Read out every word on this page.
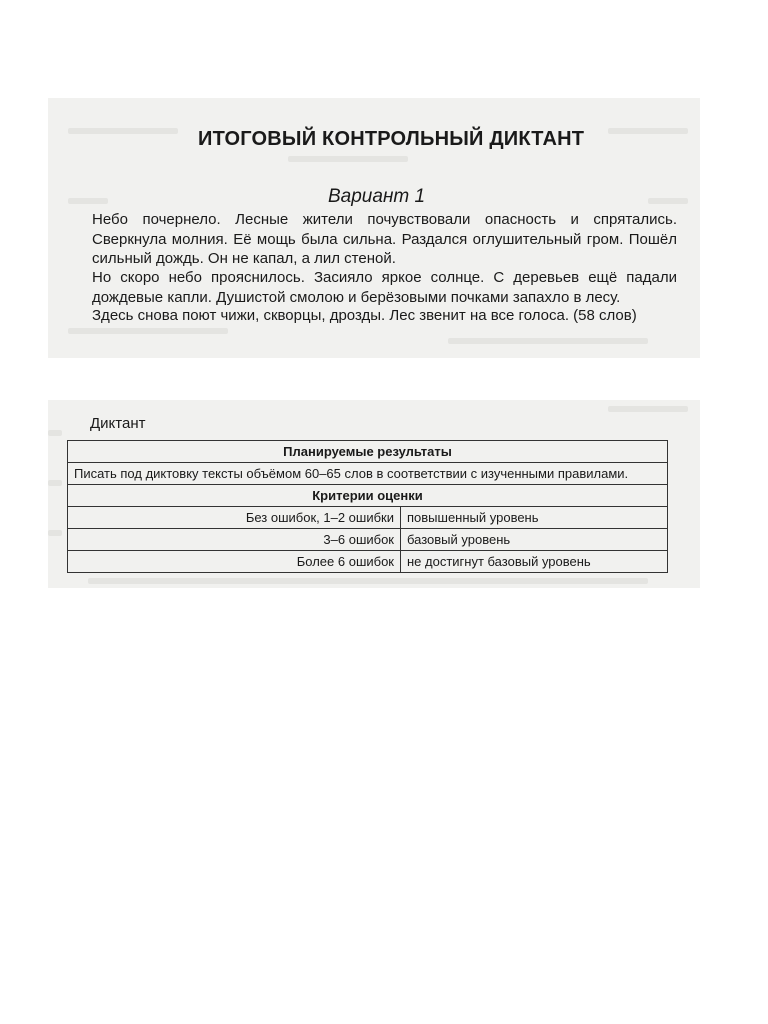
ИТОГОВЫЙ КОНТРОЛЬНЫЙ ДИКТАНТ
Вариант 1
Небо почернело. Лесные жители почувствовали опасность и спрятались. Сверкнула молния. Её мощь была сильна. Раздался оглушительный гром. Пошёл сильный дождь. Он не капал, а лил стеной.
Но скоро небо прояснилось. Засияло яркое солнце. С деревьев ещё падали дождевые капли. Душистой смолою и берёзовыми почками запахло в лесу.
Здесь снова поют чижи, скворцы, дрозды. Лес звенит на все голоса. (58 слов)
Диктант
Планируемые результаты	
Писать под диктовку тексты объёмом 60–65 слов в соответствии с изученными правилами.	
Критерии оценки	
Без ошибок, 1–2 ошибки	повышенный уровень
3–6 ошибок	базовый уровень
Более 6 ошибок	не достигнут базовый уровень
